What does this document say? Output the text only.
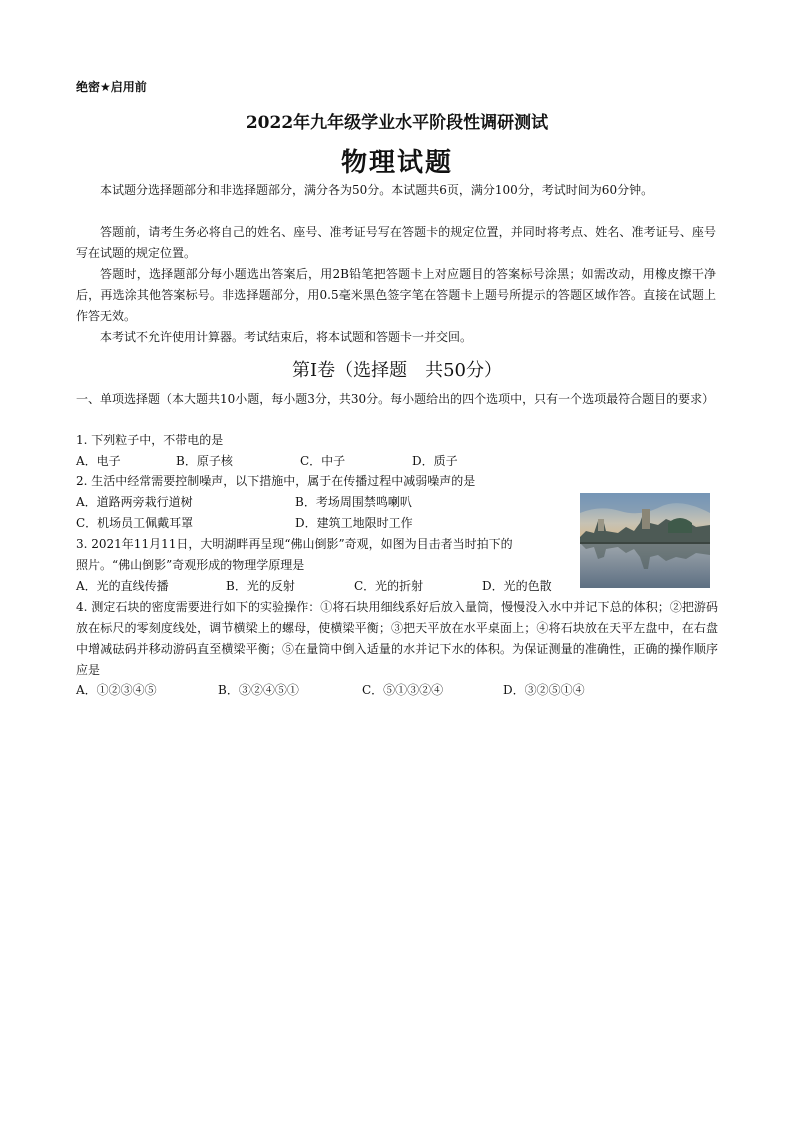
绝密★启用前
2022年九年级学业水平阶段性调研测试
物理试题
本试题分选择题部分和非选择题部分，满分各为50分。本试题共6页，满分100分，考试时间为60分钟。
答题前，请考生务必将自己的姓名、座号、准考证号写在答题卡的规定位置，并同时将考点、姓名、准考证号、座号写在试题的规定位置。
答题时，选择题部分每小题选出答案后，用2B铅笔把答题卡上对应题目的答案标号涂黑；如需改动，用橡皮擦干净后，再选涂其他答案标号。非选择题部分，用0.5毫米黑色签字笔在答题卡上题号所提示的答题区域作答。直接在试题上作答无效。
本考试不允许使用计算器。考试结束后，将本试题和答题卡一并交回。
第Ⅰ卷（选择题　共50分）
一、单项选择题（本大题共10小题，每小题3分，共30分。每小题给出的四个选项中，只有一个选项最符合题目的要求）
1. 下列粒子中，不带电的是
A．电子	B．原子核	C．中子	D．质子
2. 生活中经常需要控制噪声，以下措施中，属于在传播过程中减弱噪声的是
A．道路两旁栽行道树	B．考场周围禁鸣喇叭
C．机场员工佩戴耳罩	D．建筑工地限时工作
3. 2021年11月11日，大明湖畔再呈现“佛山倒影”奇观，如图为目击者当时拍下的
照片。“佛山倒影”奇观形成的物理学原理是
A．光的直线传播	B．光的反射	C．光的折射	D．光的色散
4. 测定石块的密度需要进行如下的实验操作：①将石块用细线系好后放入量筒，慢慢没入水中并记下总的体积；②把游码放在标尺的零刻度线处，调节横梁上的螺母，使横梁平衡；③把天平放在水平桌面上；④将石块放在天平左盘中，在右盘中增减砝码并移动游码直至横梁平衡；⑤在量筒中倒入适量的水并记下水的体积。为保证测量的准确性，正确的操作顺序应是
A．①②③④⑤	B．③②④⑤①	C．⑤①③②④	D．③②⑤①④
